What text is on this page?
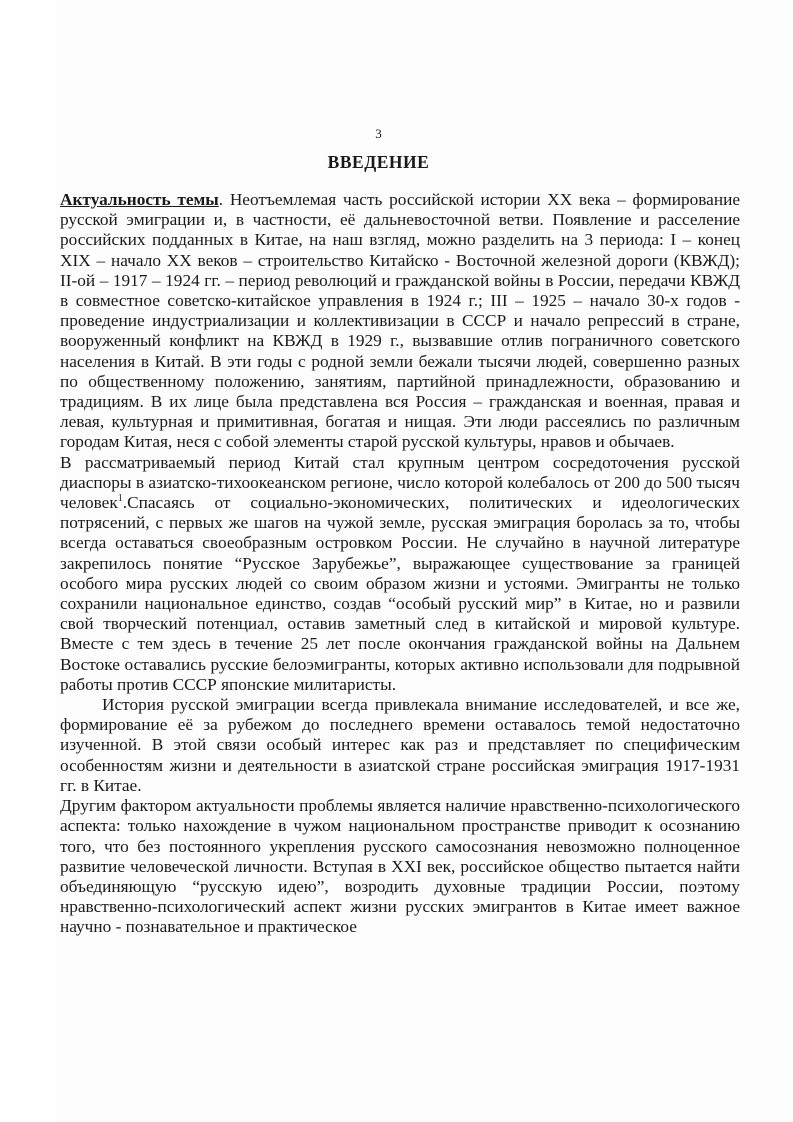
3
ВВЕДЕНИЕ

Актуальность темы. Неотъемлемая часть российской истории XX века – формирование русской эмиграции и, в частности, её дальневосточной ветви. Появление и расселение российских подданных в Китае, на наш взгляд, можно разделить на 3 периода: I – конец XIX – начало XX веков – строительство Китайско - Восточной железной дороги (КВЖД); II-ой – 1917 – 1924 гг. – период революций и гражданской войны в России, передачи КВЖД в совместное советско-китайское управления в 1924 г.; III – 1925 – начало 30-х годов - проведение индустриализации и коллективизации в СССР и начало репрессий в стране, вооруженный конфликт на КВЖД в 1929 г., вызвавшие отлив пограничного советского населения в Китай. В эти годы с родной земли бежали тысячи людей, совершенно разных по общественному положению, занятиям, партийной принадлежности, образованию и традициям. В их лице была представлена вся Россия – гражданская и военная, правая и левая, культурная и примитивная, богатая и нищая. Эти люди рассеялись по различным городам Китая, неся с собой элементы старой русской культуры, нравов и обычаев.

В рассматриваемый период Китай стал крупным центром сосредоточения русской диаспоры в азиатско-тихоокеанском регионе, число которой колебалось от 200 до 500 тысяч человек$^1$.Спасаясь от социально-экономических, политических и идеологических потрясений, с первых же шагов на чужой земле, русская эмиграция боролась за то, чтобы всегда оставаться своеобразным островком России. Не случайно в научной литературе закрепилось понятие “Русское Зарубежье”, выражающее существование за границей особого мира русских людей со своим образом жизни и устоями. Эмигранты не только сохранили национальное единство, создав “особый русский мир” в Китае, но и развили свой творческий потенциал, оставив заметный след в китайской и мировой культуре. Вместе с тем здесь в течение 25 лет после окончания гражданской войны на Дальнем Востоке оставались русские белоэмигранты, которых активно использовали для подрывной работы против СССР японские милитаристы.

История русской эмиграции всегда привлекала внимание исследователей, и все же, формирование её за рубежом до последнего времени оставалось темой недостаточно изученной. В этой связи особый интерес как раз и представляет по специфическим особенностям жизни и деятельности в азиатской стране российская эмиграция 1917-1931 гг. в Китае.

Другим фактором актуальности проблемы является наличие нравственно-психологического аспекта: только нахождение в чужом национальном пространстве приводит к осознанию того, что без постоянного укрепления русского самосознания невозможно полноценное развитие человеческой личности. Вступая в XXI век, российское общество пытается найти объединяющую “русскую идею”, возродить духовные традиции России, поэтому нравственно-психологический аспект жизни русских эмигрантов в Китае имеет важное научно - познавательное и практическое
